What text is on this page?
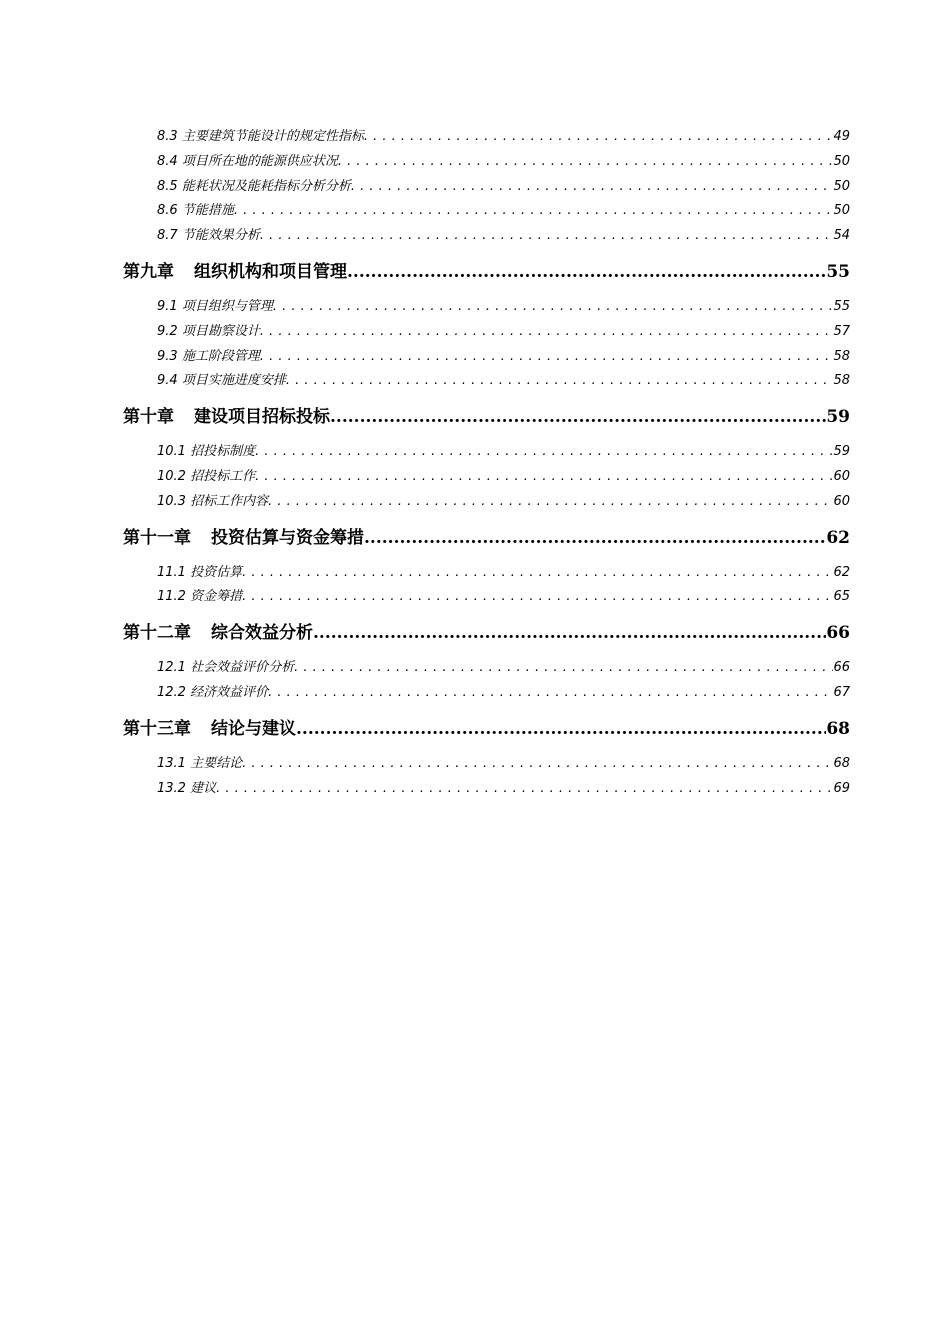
8.3 主要建筑节能设计的规定性指标 . . .	49
8.4 项目所在地的能源供应状况 . . .	50
8.5 能耗状况及能耗指标分析分析 . . .	50
8.6 节能措施 . . .	50
8.7 节能效果分析 . . .	54
第九章 组织机构和项目管理 .....	55
9.1 项目组织与管理 . . .	55
9.2 项目勘察设计 . . .	57
9.3 施工阶段管理 . . .	58
9.4 项目实施进度安排 . . .	58
第十章 建设项目招标投标 .....	59
10.1 招投标制度 . . .	59
10.2 招投标工作 . . .	60
10.3 招标工作内容 . . .	60
第十一章 投资估算与资金筹措 .....	62
11.1 投资估算 . . .	62
11.2 资金筹措 . . .	65
第十二章 综合效益分析 .....	66
12.1 社会效益评价分析 . . .	66
12.2 经济效益评价 . . .	67
第十三章 结论与建议 .....	68
13.1 主要结论 . . .	68
13.2 建议 . . .	69
